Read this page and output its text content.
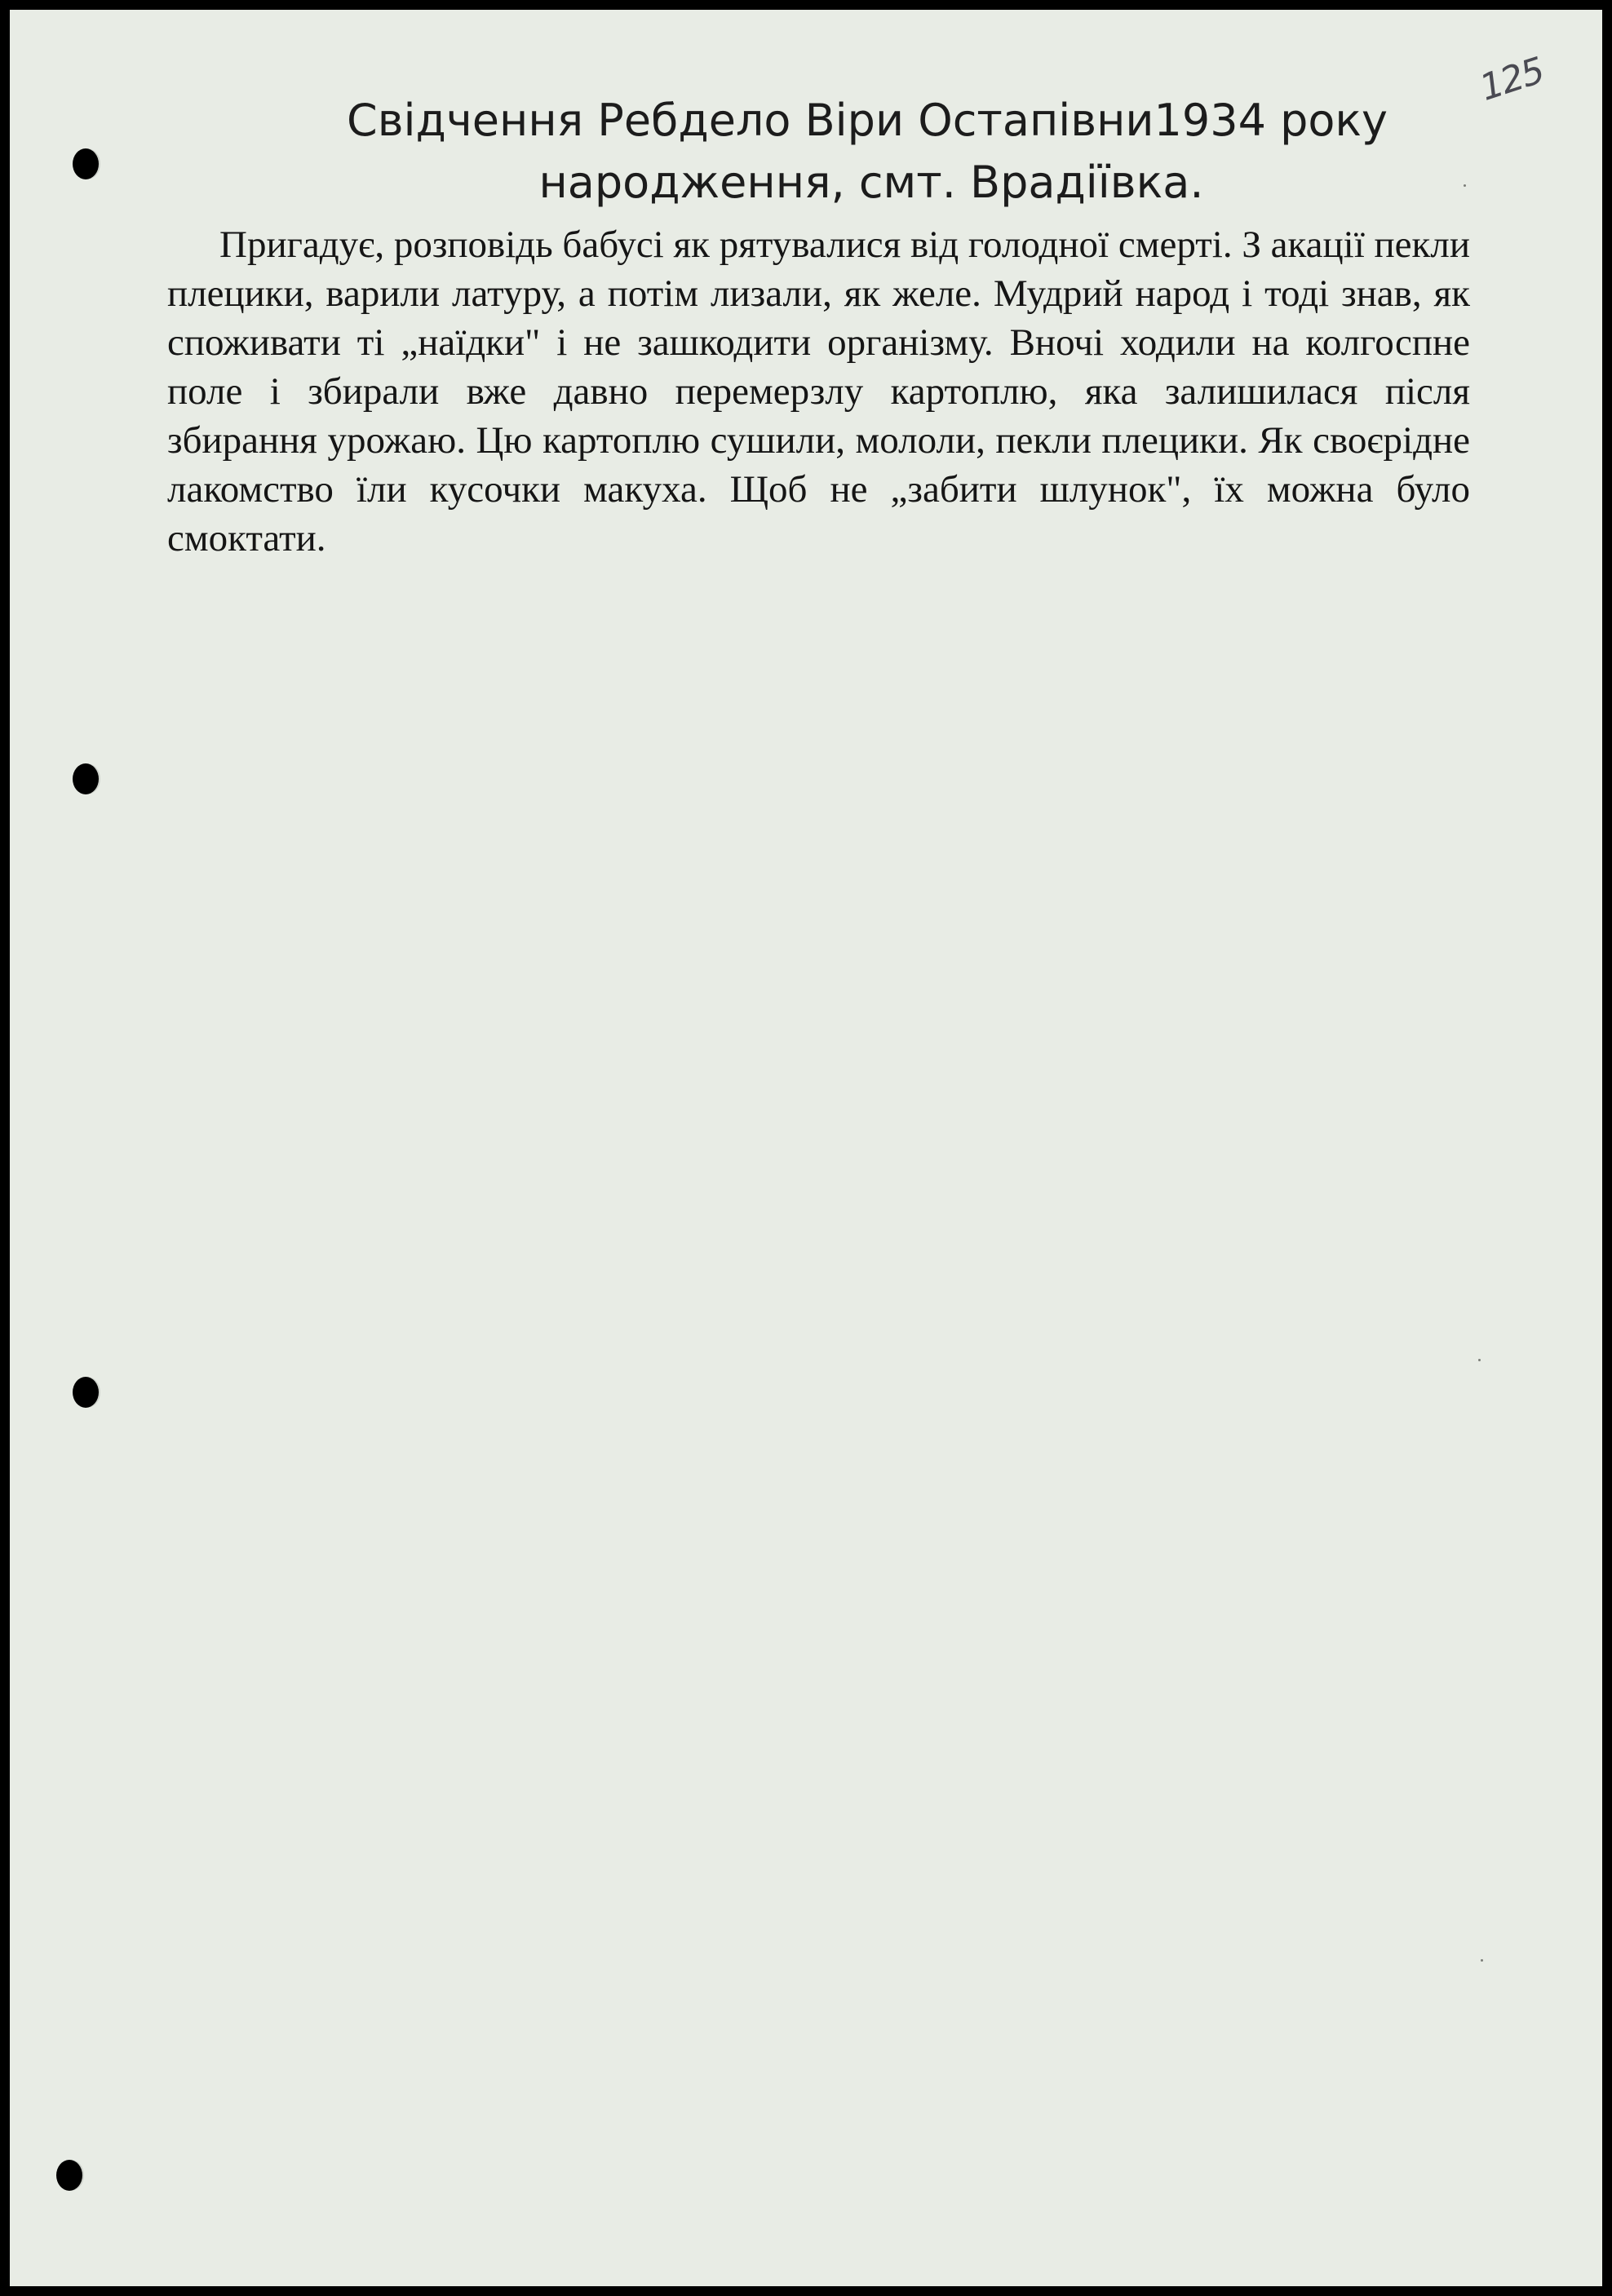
125
Свідчення Ребдело Віри Остапівни1934 року
народження, смт. Врадіївка.

Пригадує, розповідь бабусі як рятувалися від голодної смерті. З акації пекли плецики, варили латуру, а потім лизали, як желе. Мудрий народ і тоді знав, як споживати ті „наїдки" і не зашкодити організму. Вночі ходили на колгоспне поле і збирали вже давно перемерзлу картоплю, яка залишилася після збирання урожаю. Цю картоплю сушили, мололи, пекли плецики. Як своєрідне лакомство їли кусочки макуха. Щоб не „забити шлунок", їх можна було смоктати.
